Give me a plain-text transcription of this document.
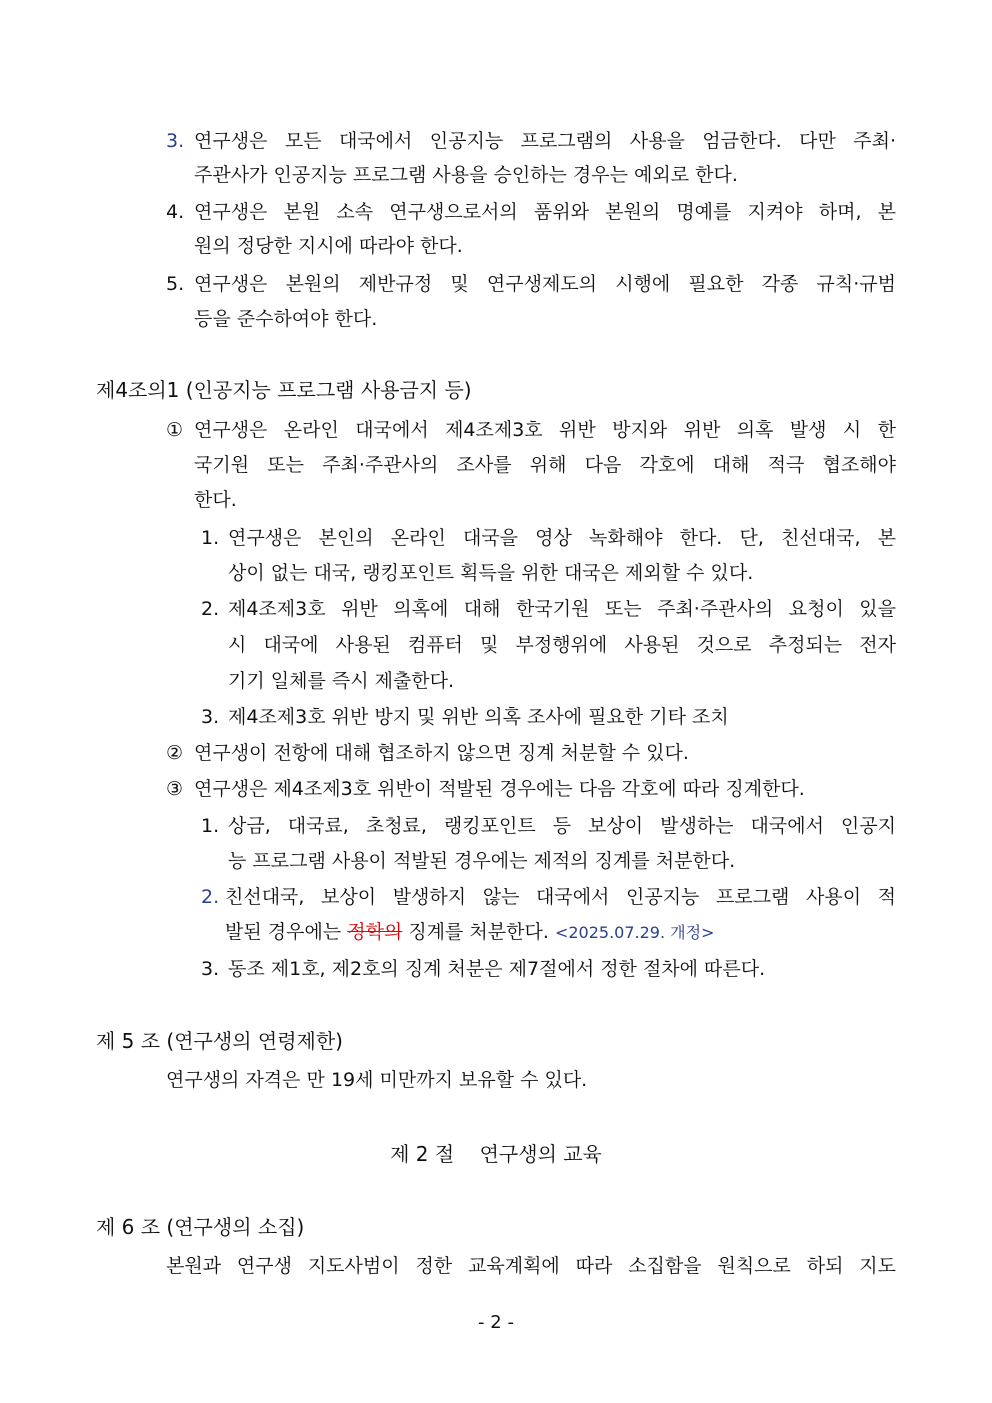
3. 연구생은 모든 대국에서 인공지능 프로그램의 사용을 엄금한다. 다만 주최·
주관사가 인공지능 프로그램 사용을 승인하는 경우는 예외로 한다.
4. 연구생은 본원 소속 연구생으로서의 품위와 본원의 명예를 지켜야 하며, 본
원의 정당한 지시에 따라야 한다.
5. 연구생은 본원의 제반규정 및 연구생제도의 시행에 필요한 각종 규칙·규범
등을 준수하여야 한다.
제4조의1 (인공지능 프로그램 사용금지 등)
① 연구생은 온라인 대국에서 제4조제3호 위반 방지와 위반 의혹 발생 시 한
국기원 또는 주최·주관사의 조사를 위해 다음 각호에 대해 적극 협조해야
한다.
1. 연구생은 본인의 온라인 대국을 영상 녹화해야 한다. 단, 친선대국, 본
상이 없는 대국, 랭킹포인트 획득을 위한 대국은 제외할 수 있다.
2. 제4조제3호 위반 의혹에 대해 한국기원 또는 주최·주관사의 요청이 있을
시 대국에 사용된 컴퓨터 및 부정행위에 사용된 것으로 추정되는 전자
기기 일체를 즉시 제출한다.
3. 제4조제3호 위반 방지 및 위반 의혹 조사에 필요한 기타 조치
② 연구생이 전항에 대해 협조하지 않으면 징계 처분할 수 있다.
③ 연구생은 제4조제3호 위반이 적발된 경우에는 다음 각호에 따라 징계한다.
1. 상금, 대국료, 초청료, 랭킹포인트 등 보상이 발생하는 대국에서 인공지
능 프로그램 사용이 적발된 경우에는 제적의 징계를 처분한다.
2. 친선대국, 보상이 발생하지 않는 대국에서 인공지능 프로그램 사용이 적
발된 경우에는 정학의 징계를 처분한다. <2025.07.29. 개정>
3. 동조 제1호, 제2호의 징계 처분은 제7절에서 정한 절차에 따른다.
제 5 조 (연구생의 연령제한)
연구생의 자격은 만 19세 미만까지 보유할 수 있다.
제 2 절    연구생의 교육
제 6 조 (연구생의 소집)
본원과 연구생 지도사범이 정한 교육계획에 따라 소집함을 원칙으로 하되 지도
- 2 -
